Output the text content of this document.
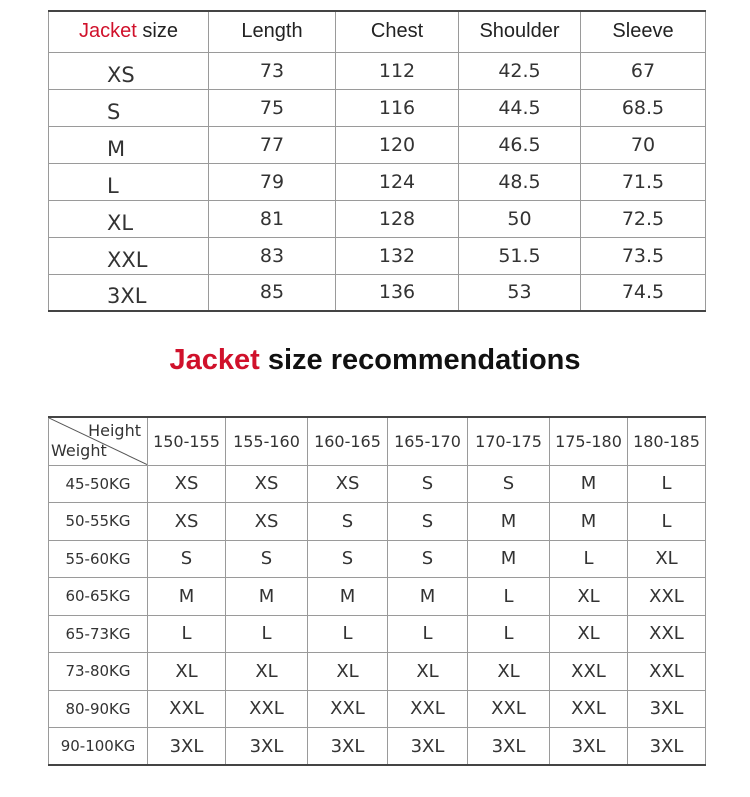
Jacket size	Length	Chest	Shoulder	Sleeve
XS	73	112	42.5	67
S	75	116	44.5	68.5
M	77	120	46.5	70
L	79	124	48.5	71.5
XL	81	128	50	72.5
XXL	83	132	51.5	73.5
3XL	85	136	53	74.5
Jacket size recommendations
Height
Weight	150-155	155-160	160-165	165-170	170-175	175-180	180-185
45-50KG	XS	XS	XS	S	S	M	L
50-55KG	XS	XS	S	S	M	M	L
55-60KG	S	S	S	S	M	L	XL
60-65KG	M	M	M	M	L	XL	XXL
65-73KG	L	L	L	L	L	XL	XXL
73-80KG	XL	XL	XL	XL	XL	XXL	XXL
80-90KG	XXL	XXL	XXL	XXL	XXL	XXL	3XL
90-100KG	3XL	3XL	3XL	3XL	3XL	3XL	3XL
